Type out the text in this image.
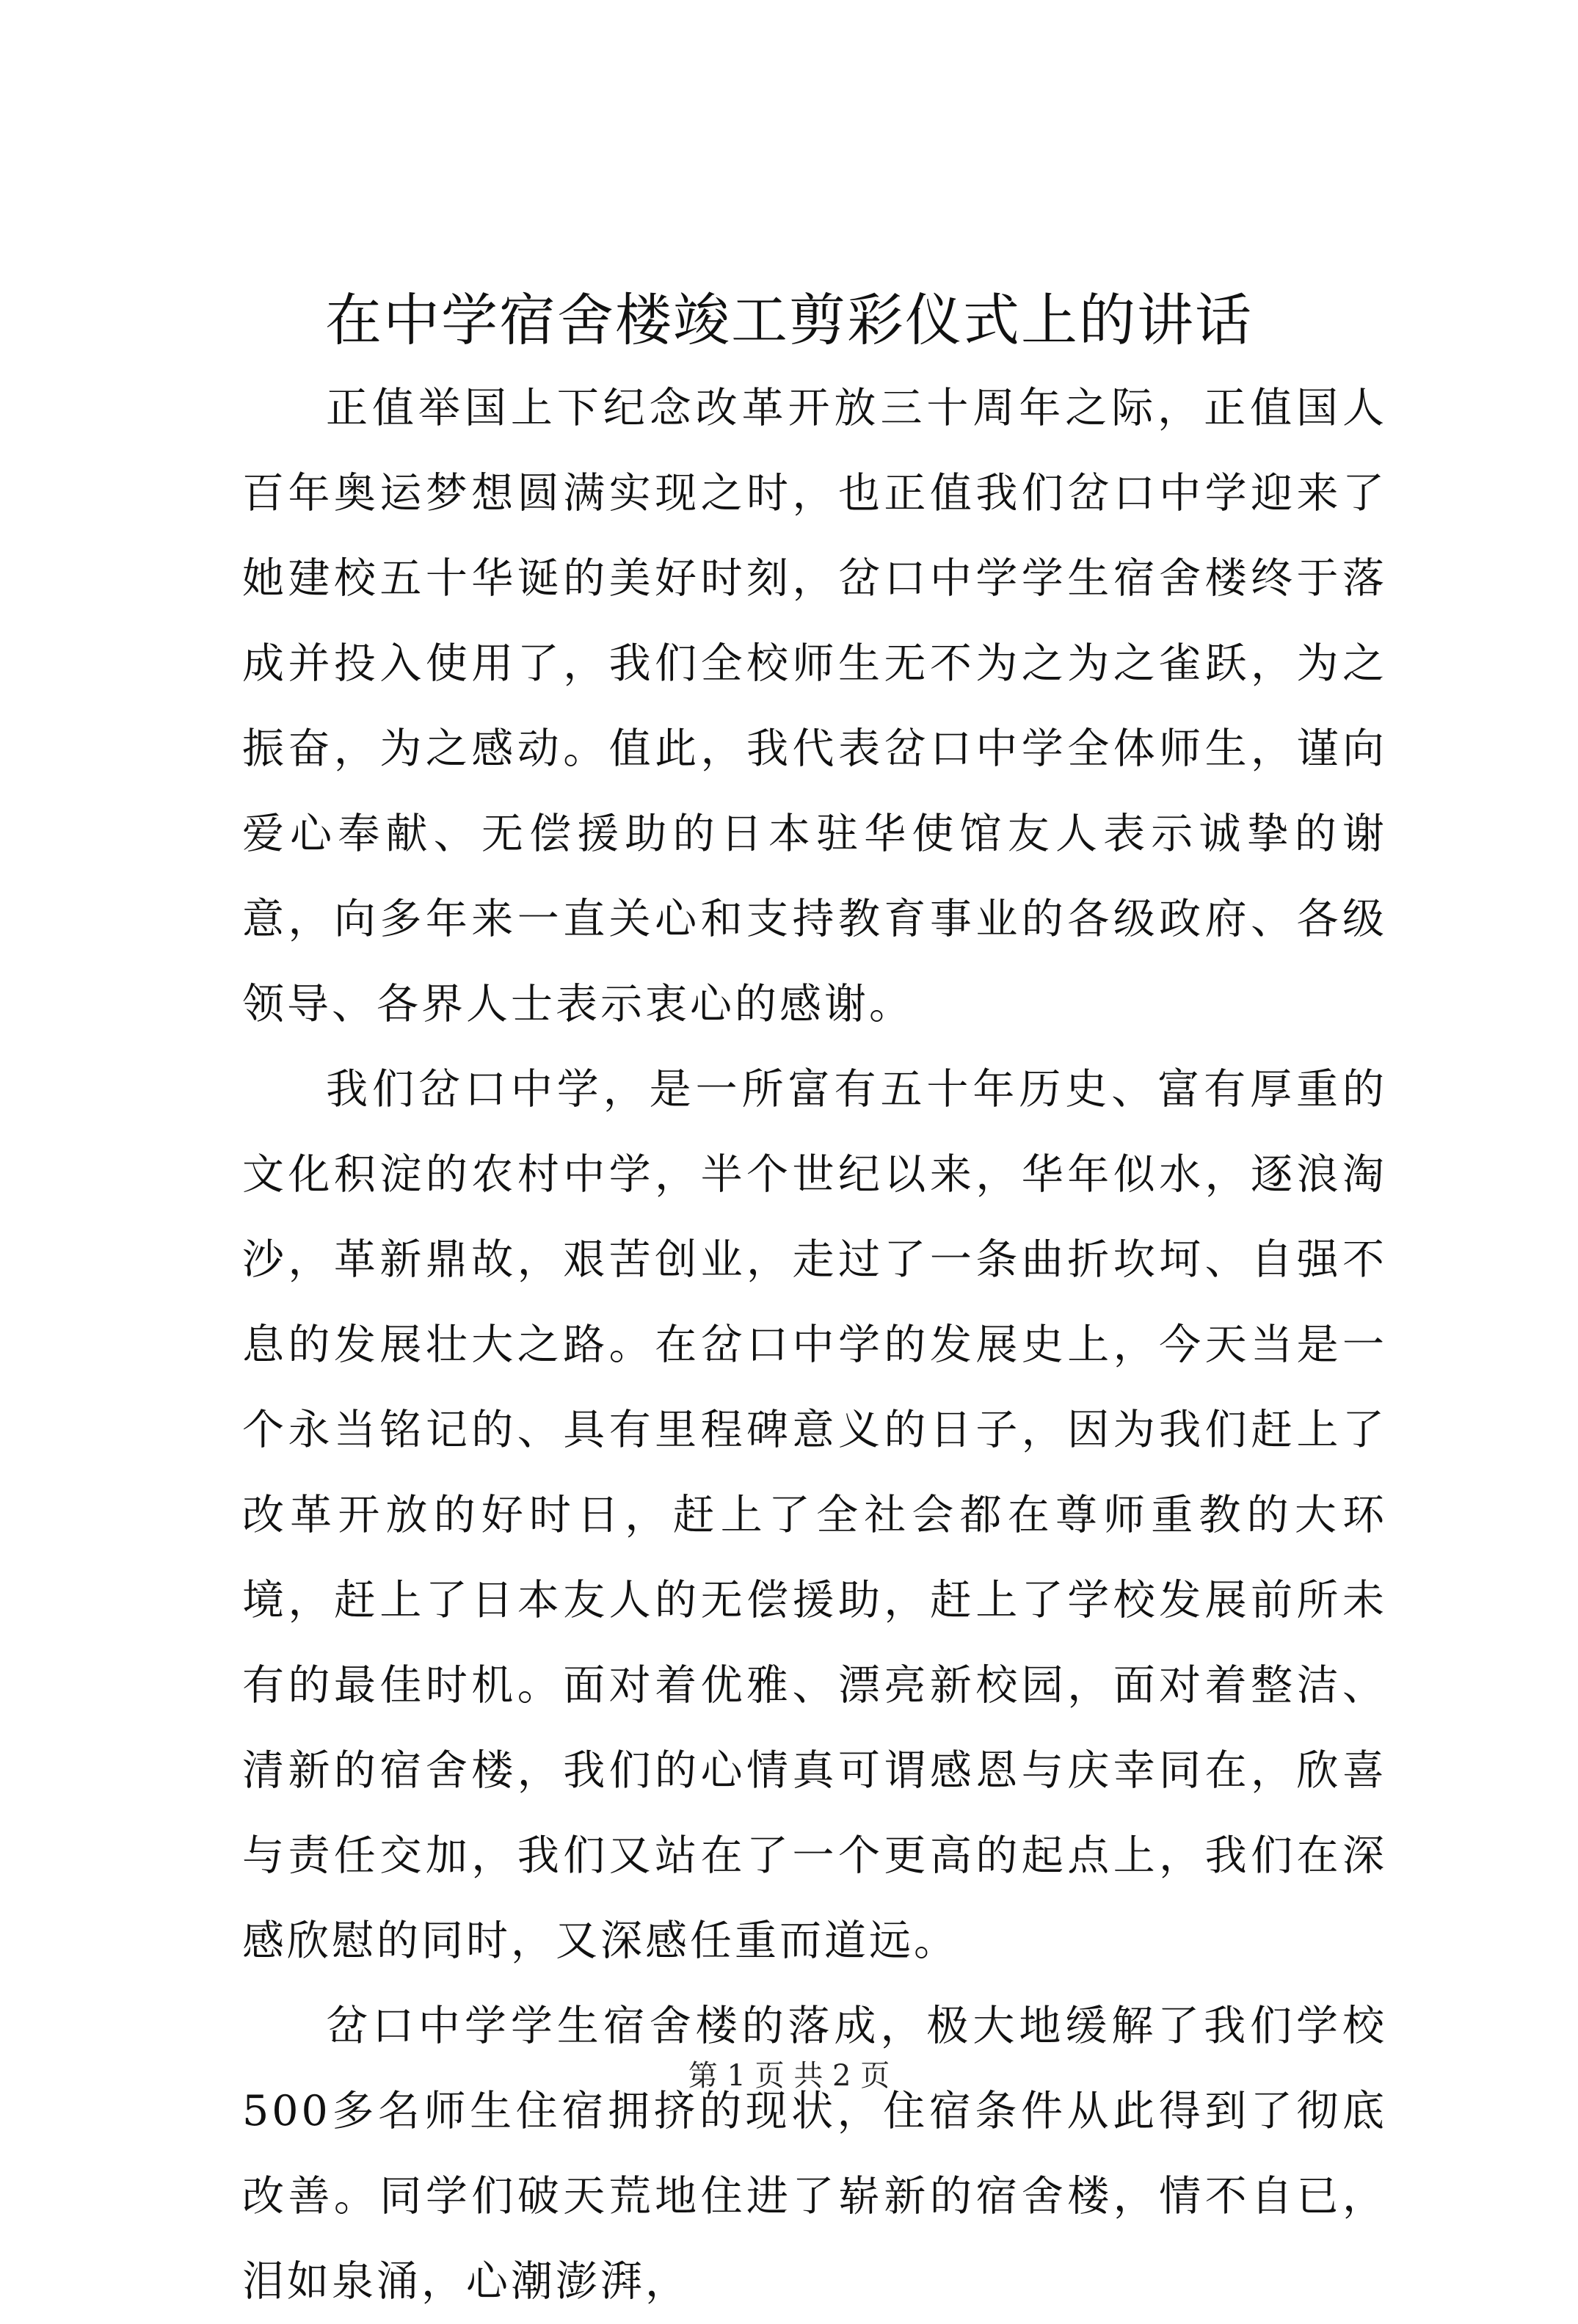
在中学宿舍楼竣工剪彩仪式上的讲话

正值举国上下纪念改革开放三十周年之际，正值国人百年奥运梦想圆满实现之时，也正值我们岔口中学迎来了她建校五十华诞的美好时刻，岔口中学学生宿舍楼终于落成并投入使用了，我们全校师生无不为之为之雀跃，为之振奋，为之感动。值此，我代表岔口中学全体师生，谨向爱心奉献、无偿援助的日本驻华使馆友人表示诚挚的谢意，向多年来一直关心和支持教育事业的各级政府、各级领导、各界人士表示衷心的感谢。

我们岔口中学，是一所富有五十年历史、富有厚重的文化积淀的农村中学，半个世纪以来，华年似水，逐浪淘沙，革新鼎故，艰苦创业，走过了一条曲折坎坷、自强不息的发展壮大之路。在岔口中学的发展史上，今天当是一个永当铭记的、具有里程碑意义的日子，因为我们赶上了改革开放的好时日，赶上了全社会都在尊师重教的大环境，赶上了日本友人的无偿援助，赶上了学校发展前所未有的最佳时机。面对着优雅、漂亮新校园，面对着整洁、清新的宿舍楼，我们的心情真可谓感恩与庆幸同在，欣喜与责任交加，我们又站在了一个更高的起点上，我们在深感欣慰的同时，又深感任重而道远。

岔口中学学生宿舍楼的落成，极大地缓解了我们学校500多名师生住宿拥挤的现状，住宿条件从此得到了彻底改善。同学们破天荒地住进了崭新的宿舍楼，情不自已，泪如泉涌，心潮澎湃，

第 1 页 共 2 页
